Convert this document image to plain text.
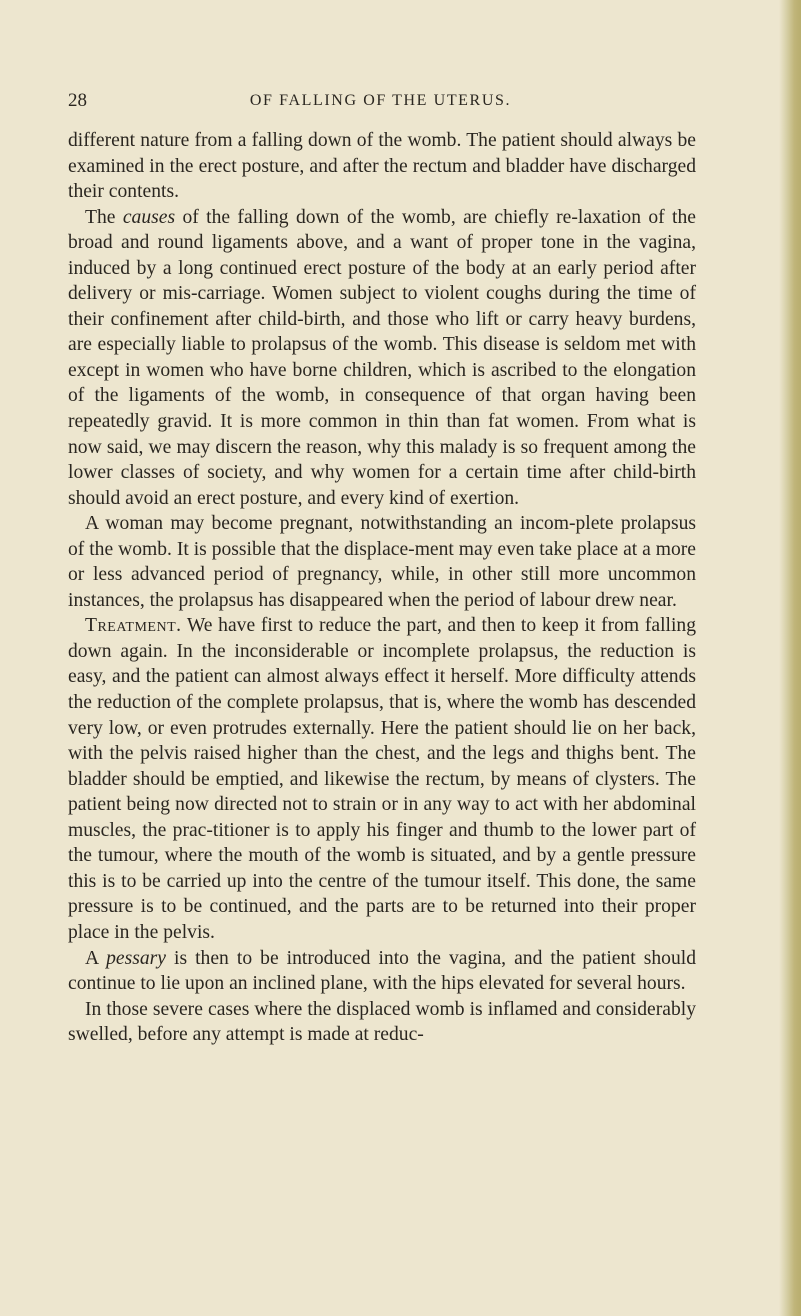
28	OF FALLING OF THE UTERUS.

different nature from a falling down of the womb. The patient should always be examined in the erect posture, and after the rectum and bladder have discharged their contents.

The causes of the falling down of the womb, are chiefly re-laxation of the broad and round ligaments above, and a want of proper tone in the vagina, induced by a long continued erect posture of the body at an early period after delivery or mis-carriage. Women subject to violent coughs during the time of their confinement after child-birth, and those who lift or carry heavy burdens, are especially liable to prolapsus of the womb. This disease is seldom met with except in women who have borne children, which is ascribed to the elongation of the ligaments of the womb, in consequence of that organ having been repeatedly gravid. It is more common in thin than fat women. From what is now said, we may discern the reason, why this malady is so frequent among the lower classes of society, and why women for a certain time after child-birth should avoid an erect posture, and every kind of exertion.

A woman may become pregnant, notwithstanding an incom-plete prolapsus of the womb. It is possible that the displace-ment may even take place at a more or less advanced period of pregnancy, while, in other still more uncommon instances, the prolapsus has disappeared when the period of labour drew near.

Treatment. We have first to reduce the part, and then to keep it from falling down again. In the inconsiderable or incomplete prolapsus, the reduction is easy, and the patient can almost always effect it herself. More difficulty attends the reduction of the complete prolapsus, that is, where the womb has descended very low, or even protrudes externally. Here the patient should lie on her back, with the pelvis raised higher than the chest, and the legs and thighs bent. The bladder should be emptied, and likewise the rectum, by means of clysters. The patient being now directed not to strain or in any way to act with her abdominal muscles, the prac-titioner is to apply his finger and thumb to the lower part of the tumour, where the mouth of the womb is situated, and by a gentle pressure this is to be carried up into the centre of the tumour itself. This done, the same pressure is to be continued, and the parts are to be returned into their proper place in the pelvis.

A pessary is then to be introduced into the vagina, and the patient should continue to lie upon an inclined plane, with the hips elevated for several hours.

In those severe cases where the displaced womb is inflamed and considerably swelled, before any attempt is made at reduc-
